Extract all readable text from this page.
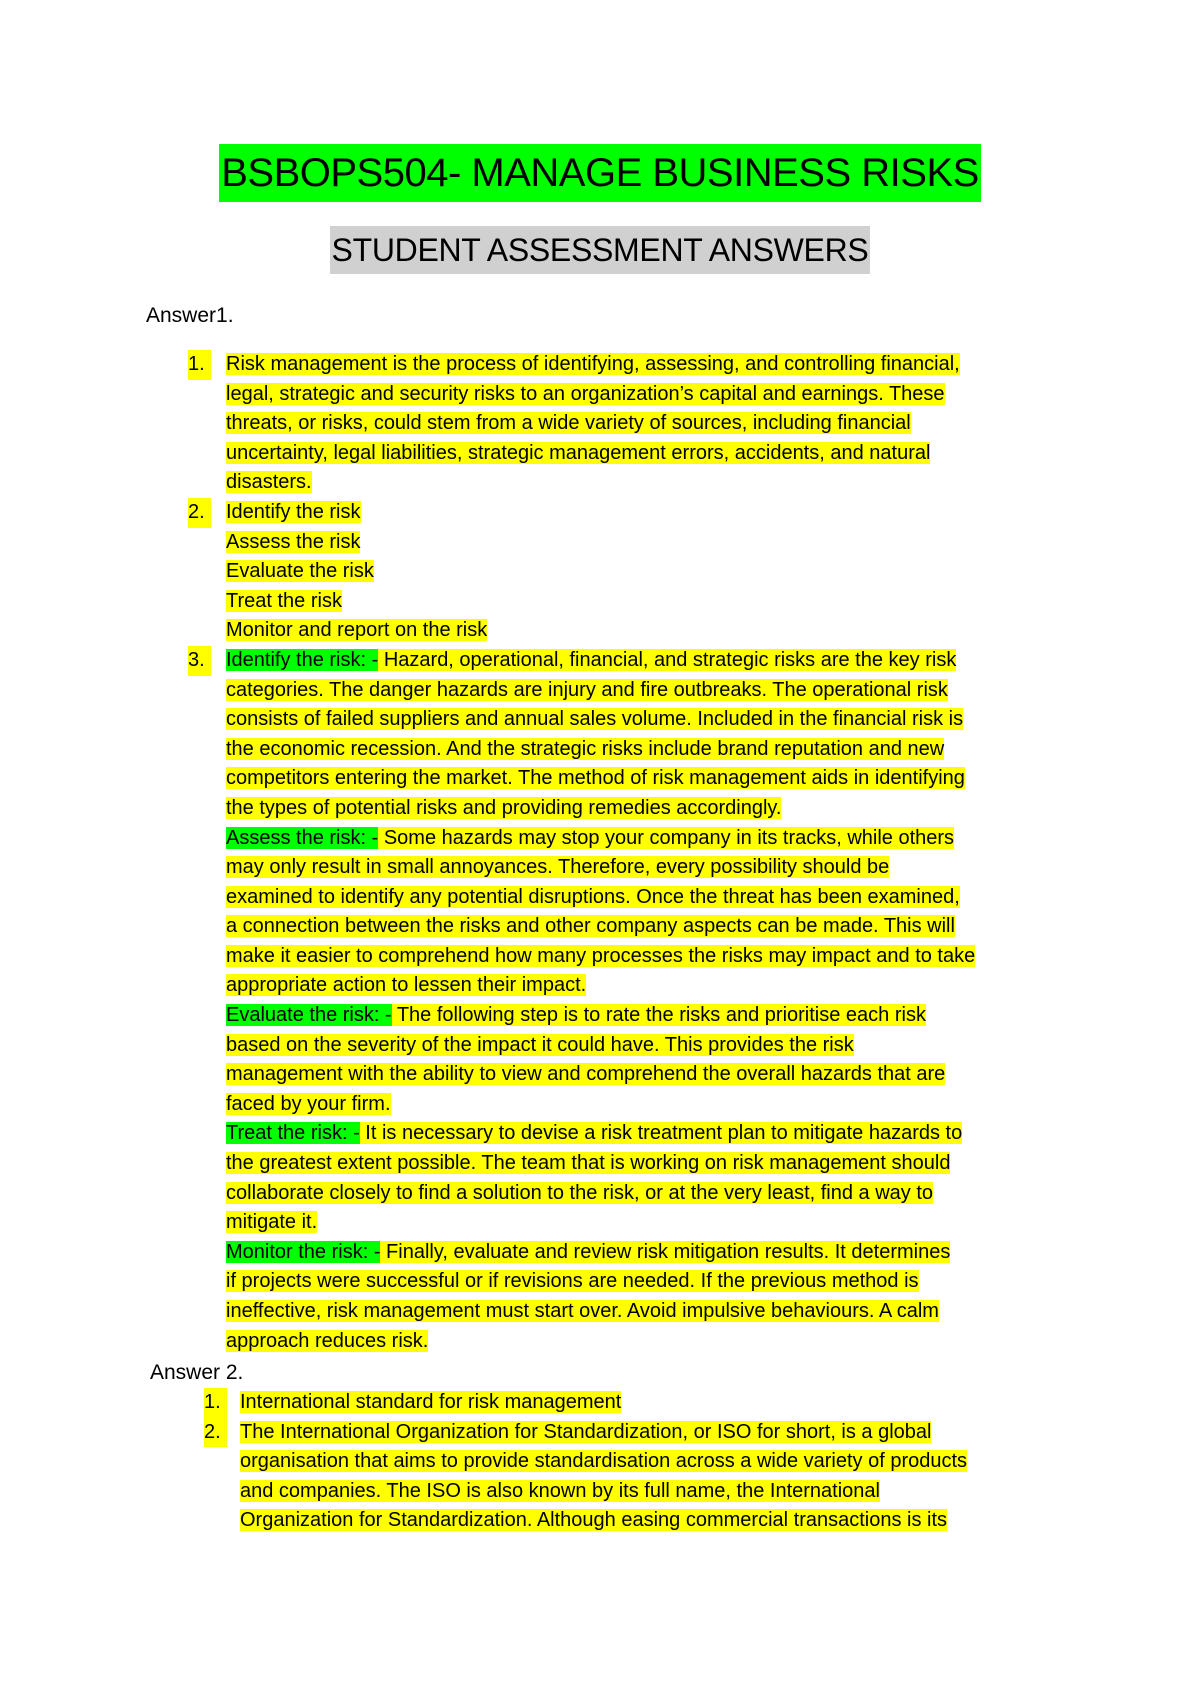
BSBOPS504- MANAGE BUSINESS RISKS
STUDENT ASSESSMENT ANSWERS
Answer1.
1.	Risk management is the process of identifying, assessing, and controlling financial,
legal, strategic and security risks to an organization’s capital and earnings. These
threats, or risks, could stem from a wide variety of sources, including financial
uncertainty, legal liabilities, strategic management errors, accidents, and natural
disasters.
2.	Identify the risk
Assess the risk
Evaluate the risk
Treat the risk
Monitor and report on the risk
3.	Identify the risk: - Hazard, operational, financial, and strategic risks are the key risk
categories. The danger hazards are injury and fire outbreaks. The operational risk
consists of failed suppliers and annual sales volume. Included in the financial risk is
the economic recession. And the strategic risks include brand reputation and new
competitors entering the market. The method of risk management aids in identifying
the types of potential risks and providing remedies accordingly.
Assess the risk: - Some hazards may stop your company in its tracks, while others
may only result in small annoyances. Therefore, every possibility should be
examined to identify any potential disruptions. Once the threat has been examined,
a connection between the risks and other company aspects can be made. This will
make it easier to comprehend how many processes the risks may impact and to take
appropriate action to lessen their impact.
Evaluate the risk: - The following step is to rate the risks and prioritise each risk
based on the severity of the impact it could have. This provides the risk
management with the ability to view and comprehend the overall hazards that are
faced by your firm.
Treat the risk: - It is necessary to devise a risk treatment plan to mitigate hazards to
the greatest extent possible. The team that is working on risk management should
collaborate closely to find a solution to the risk, or at the very least, find a way to
mitigate it.
Monitor the risk: - Finally, evaluate and review risk mitigation results. It determines
if projects were successful or if revisions are needed. If the previous method is
ineffective, risk management must start over. Avoid impulsive behaviours. A calm
approach reduces risk.
Answer 2.
1. International standard for risk management
2. The International Organization for Standardization, or ISO for short, is a global
organisation that aims to provide standardisation across a wide variety of products
and companies. The ISO is also known by its full name, the International
Organization for Standardization. Although easing commercial transactions is its
